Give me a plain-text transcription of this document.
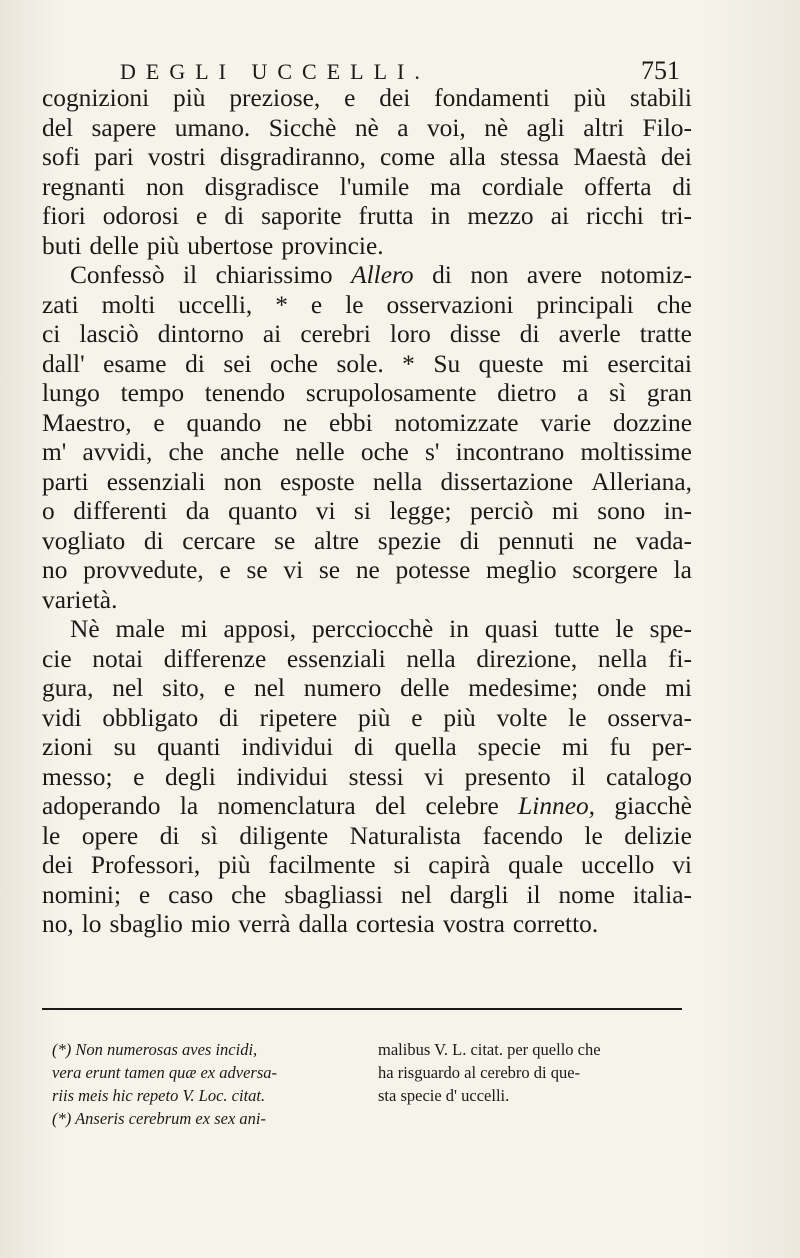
DEGLI UCCELLI.	751
cognizioni più preziose, e dei fondamenti più stabili
del sapere umano. Sicchè nè a voi, nè agli altri Filo-
sofi pari vostri disgradiranno, come alla stessa Maestà dei
regnanti non disgradisce l'umile ma cordiale offerta di
fiori odorosi e di saporite frutta in mezzo ai ricchi tri-
buti delle più ubertose provincie.
Confessò il chiarissimo Allero di non avere notomiz-
zati molti uccelli, * e le osservazioni principali che
ci lasciò dintorno ai cerebri loro disse di averle tratte
dall' esame di sei oche sole. * Su queste mi esercitai
lungo tempo tenendo scrupolosamente dietro a sì gran
Maestro, e quando ne ebbi notomizzate varie dozzine
m' avvidi, che anche nelle oche s' incontrano moltissime
parti essenziali non esposte nella dissertazione Alleriana,
o differenti da quanto vi si legge; perciò mi sono in-
vogliato di cercare se altre spezie di pennuti ne vada-
no provvedute, e se vi se ne potesse meglio scorgere la
varietà.
Nè male mi apposi, percciocchè in quasi tutte le spe-
cie notai differenze essenziali nella direzione, nella fi-
gura, nel sito, e nel numero delle medesime; onde mi
vidi obbligato di ripetere più e più volte le osserva-
zioni su quanti individui di quella specie mi fu per-
messo; e degli individui stessi vi presento il catalogo
adoperando la nomenclatura del celebre Linneo, giacchè
le opere di sì diligente Naturalista facendo le delizie
dei Professori, più facilmente si capirà quale uccello vi
nomini; e caso che sbagliassi nel dargli il nome italia-
no, lo sbaglio mio verrà dalla cortesia vostra corretto.
(*) Non numerosas aves incidi,
vera erunt tamen quæ ex adversa-
riis meis hic repeto V. Loc. citat.
(*) Anseris cerebrum ex sex ani-
malibus V. L. citat. per quello che
ha risguardo al cerebro di que-
sta specie d' uccelli.
